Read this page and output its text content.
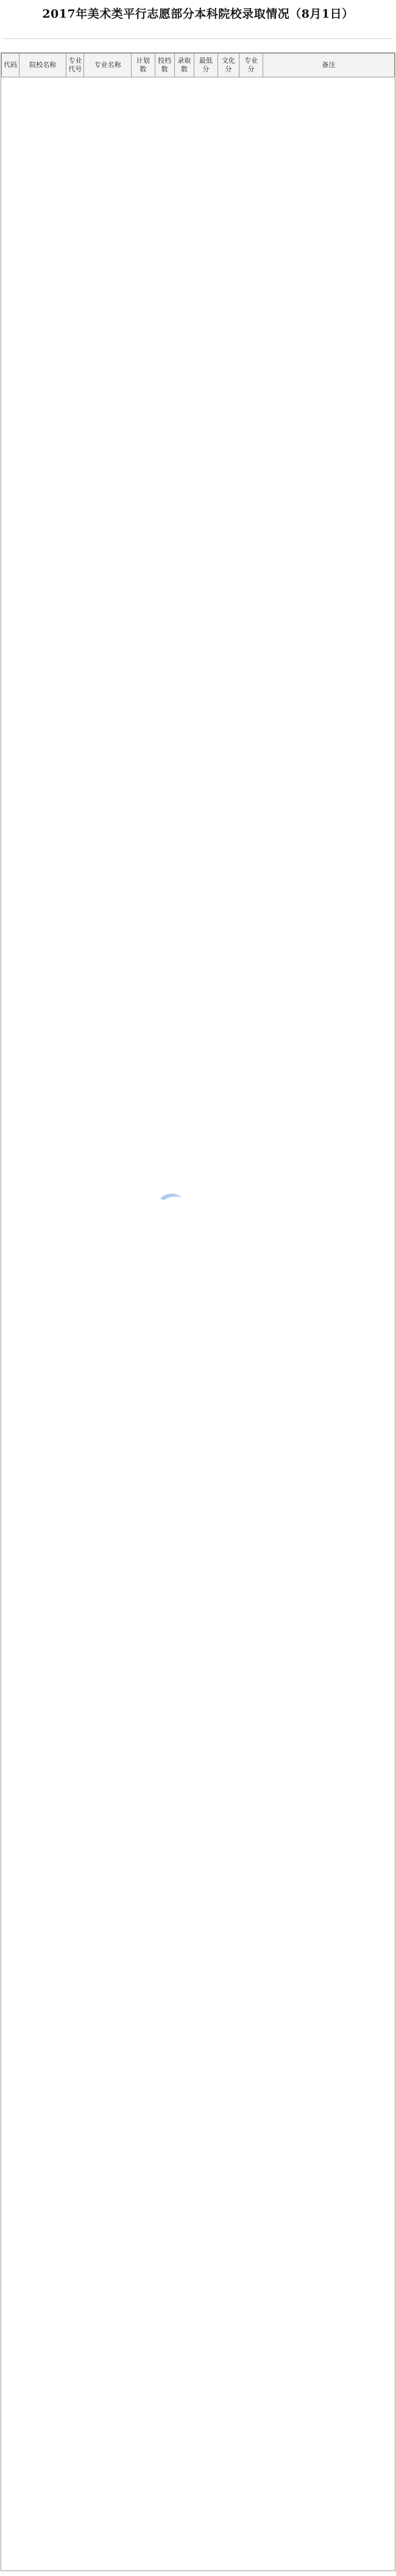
2017年美术类平行志愿部分本科院校录取情况（8月1日）
代码	院校名称	专业代号	专业名称	计划数	投档数	录取数	最低分	文化分	专业分	备注
